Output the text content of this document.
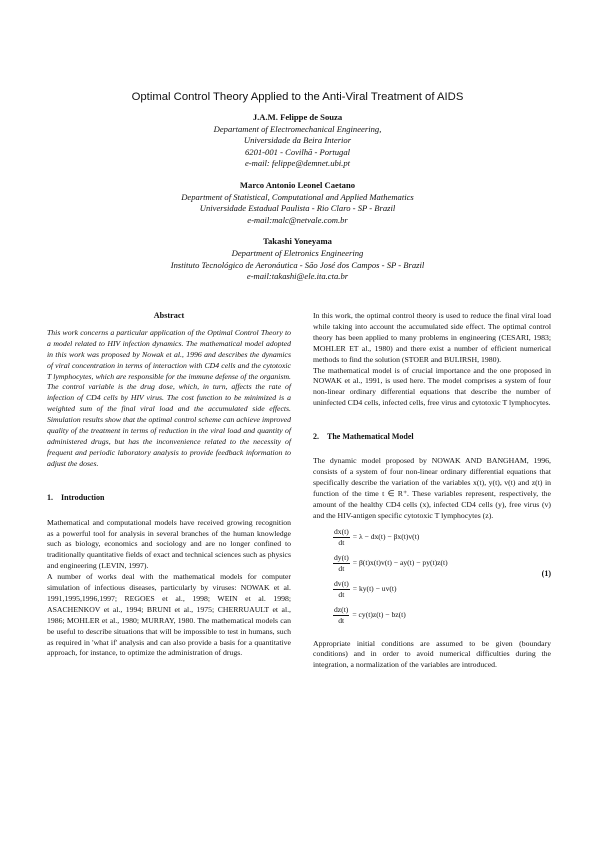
Optimal Control Theory Applied to the Anti-Viral Treatment of AIDS
J.A.M. Felippe de Souza
Departament of Electromechanical Engineering,
Universidade da Beira Interior
6201-001 - Covilhã - Portugal
e-mail: felippe@demnet.ubi.pt
Marco Antonio Leonel Caetano
Department of Statistical, Computational and Applied Mathematics
Universidade Estadual Paulista - Rio Claro - SP - Brazil
e-mail:malc@netvale.com.br
Takashi Yoneyama
Department of Eletronics Engineering
Instituto Tecnológico de Aeronáutica - São José dos Campos - SP - Brazil
e-mail:takashi@ele.ita.cta.br

Abstract

This work concerns a particular application of the Optimal Control Theory to a model related to HIV infection dynamics. The mathematical model adopted in this work was proposed by Nowak et al., 1996 and describes the dynamics of viral concentration in terms of interaction with CD4 cells and the cytotoxic T lymphocytes, which are responsible for the immune defense of the organism. The control variable is the drug dose, which, in turn, affects the rate of infection of CD4 cells by HIV virus. The cost function to be minimized is a weighted sum of the final viral load and the accumulated side effects. Simulation results show that the optimal control scheme can achieve improved quality of the treatment in terms of reduction in the viral load and quantity of administered drugs, but has the inconvenience related to the necessity of frequent and periodic laboratory analysis to provide feedback information to adjust the doses.

1. Introduction

Mathematical and computational models have received growing recognition as a powerful tool for analysis in several branches of the human knowledge such as biology, economics and sociology and are no longer confined to traditionally quantitative fields of exact and technical sciences such as physics and engineering (LEVIN, 1997).

A number of works deal with the mathematical models for computer simulation of infectious diseases, particularly by viruses: NOWAK et al. 1991,1995,1996,1997; REGOES et al., 1998; WEIN et al. 1998; ASACHENKOV et al., 1994; BRUNI et al., 1975; CHERRUAULT et al., 1986; MOHLER et al., 1980; MURRAY, 1980. The mathematical models can be useful to describe situations that will be impossible to test in humans, such as required in 'what if' analysis and can also provide a basis for a quantitative approach, for instance, to optimize the administration of drugs.

In this work, the optimal control theory is used to reduce the final viral load while taking into account the accumulated side effect. The optimal control theory has been applied to many problems in engineering (CESARI, 1983; MOHLER ET al., 1980) and there exist a number of efficient numerical methods to find the solution (STOER and BULIRSH, 1980).

The mathematical model is of crucial importance and the one proposed in NOWAK et al., 1991, is used here. The model comprises a system of four non-linear ordinary differential equations that describe the number of uninfected CD4 cells, infected cells, free virus and cytotoxic T lymphocytes.

2. The Mathematical Model

The dynamic model proposed by NOWAK AND BANGHAM, 1996, consists of a system of four non-linear ordinary differential equations that specifically describe the variation of the variables x(t), y(t), v(t) and z(t) in function of the time t ∈ R⁺. These variables represent, respectively, the amount of the healthy CD4 cells (x), infected CD4 cells (y), free virus (v) and the HIV-antigen specific cytotoxic T lymphocytes (z).

$\frac{dx(t)}{dt} = \lambda - dx(t) - \beta x(t)v(t)$
$\frac{dy(t)}{dt} = \beta(t)x(t)v(t) - ay(t) - py(t)z(t)$
$\frac{dv(t)}{dt} = ky(t) - uv(t)$
$\frac{dz(t)}{dt} = cy(t)z(t) - bz(t)$
(1)

Appropriate initial conditions are assumed to be given (boundary conditions) and in order to avoid numerical difficulties during the integration, a normalization of the variables are introduced.
